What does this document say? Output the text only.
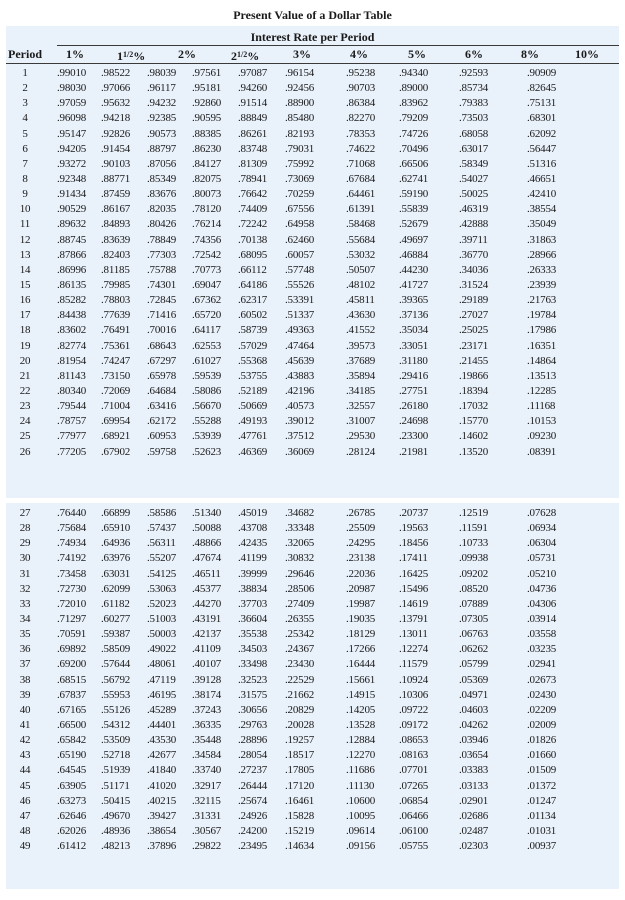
Present Value of a Dollar Table
Interest Rate per Period
Period 1%	$1^{1/2}\%$	2%	$2^{1/2}\%$	3%	4%	5%	6%	8%	10%
1	.99010 .98522 .98039 .97561 .97087 .96154	.95238 .94340	.92593	.90909
2	.98030 .97066 .96117 .95181 .94260 .92456	.90703 .89000	.85734	.82645
3	.97059 .95632 .94232 .92860 .91514 .88900	.86384 .83962	.79383	.75131
4	.96098 .94218 .92385 .90595 .88849 .85480	.82270 .79209	.73503	.68301
5	.95147 .92826 .90573 .88385 .86261 .82193	.78353 .74726	.68058	.62092
6	.94205 .91454 .88797 .86230 .83748 .79031	.74622 .70496	.63017	.56447
7	.93272 .90103 .87056 .84127 .81309 .75992	.71068 .66506	.58349	.51316
8	.92348 .88771 .85349 .82075 .78941 .73069	.67684 .62741	.54027	.46651
9	.91434 .87459 .83676 .80073 .76642 .70259	.64461 .59190	.50025	.42410
10	.90529 .86167 .82035 .78120 .74409 .67556	.61391 .55839	.46319	.38554
11	.89632 .84893 .80426 .76214 .72242 .64958	.58468 .52679	.42888	.35049
12	.88745 .83639 .78849 .74356 .70138 .62460	.55684 .49697	.39711	.31863
13	.87866 .82403 .77303 .72542 .68095 .60057	.53032 .46884	.36770	.28966
14	.86996 .81185 .75788 .70773 .66112 .57748	.50507 .44230	.34036	.26333
15	.86135 .79985 .74301 .69047 .64186 .55526	.48102 .41727	.31524	.23939
16	.85282 .78803 .72845 .67362 .62317 .53391	.45811 .39365	.29189	.21763
17	.84438 .77639 .71416 .65720 .60502 .51337	.43630 .37136	.27027	.19784
18	.83602 .76491 .70016 .64117 .58739 .49363	.41552 .35034	.25025	.17986
19	.82774 .75361 .68643 .62553 .57029 .47464	.39573 .33051	.23171	.16351
20	.81954 .74247 .67297 .61027 .55368 .45639	.37689 .31180	.21455	.14864
21	.81143 .73150 .65978 .59539 .53755 .43883	.35894 .29416	.19866	.13513
22	.80340 .72069 .64684 .58086 .52189 .42196	.34185 .27751	.18394	.12285
23	.79544 .71004 .63416 .56670 .50669 .40573	.32557 .26180	.17032	.11168
24	.78757 .69954 .62172 .55288 .49193 .39012	.31007 .24698	.15770	.10153
25	.77977 .68921 .60953 .53939 .47761 .37512	.29530 .23300	.14602	.09230
26	.77205 .67902 .59758 .52623 .46369 .36069	.28124 .21981	.13520	.08391
27	.76440 .66899 .58586 .51340 .45019 .34682	.26785 .20737	.12519	.07628
28	.75684 .65910 .57437 .50088 .43708 .33348	.25509 .19563	.11591	.06934
29	.74934 .64936 .56311 .48866 .42435 .32065	.24295 .18456	.10733	.06304
30	.74192 .63976 .55207 .47674 .41199 .30832	.23138 .17411	.09938	.05731
31	.73458 .63031 .54125 .46511 .39999 .29646	.22036 .16425	.09202	.05210
32	.72730 .62099 .53063 .45377 .38834 .28506	.20987 .15496	.08520	.04736
33	.72010 .61182 .52023 .44270 .37703 .27409	.19987 .14619	.07889	.04306
34	.71297 .60277 .51003 .43191 .36604 .26355	.19035 .13791	.07305	.03914
35	.70591 .59387 .50003 .42137 .35538 .25342	.18129 .13011	.06763	.03558
36	.69892 .58509 .49022 .41109 .34503 .24367	.17266 .12274	.06262	.03235
37	.69200 .57644 .48061 .40107 .33498 .23430	.16444 .11579	.05799	.02941
38	.68515 .56792 .47119 .39128 .32523 .22529	.15661 .10924	.05369	.02673
39	.67837 .55953 .46195 .38174 .31575 .21662	.14915 .10306	.04971	.02430
40	.67165 .55126 .45289 .37243 .30656 .20829	.14205 .09722	.04603	.02209
41	.66500 .54312 .44401 .36335 .29763 .20028	.13528 .09172	.04262	.02009
42	.65842 .53509 .43530 .35448 .28896 .19257	.12884 .08653	.03946	.01826
43	.65190 .52718 .42677 .34584 .28054 .18517	.12270 .08163	.03654	.01660
44	.64545 .51939 .41840 .33740 .27237 .17805	.11686 .07701	.03383	.01509
45	.63905 .51171 .41020 .32917 .26444 .17120	.11130 .07265	.03133	.01372
46	.63273 .50415 .40215 .32115 .25674 .16461	.10600 .06854	.02901	.01247
47	.62646 .49670 .39427 .31331 .24926 .15828	.10095 .06466	.02686	.01134
48	.62026 .48936 .38654 .30567 .24200 .15219	.09614 .06100	.02487	.01031
49	.61412 .48213 .37896 .29822 .23495 .14634	.09156 .05755	.02303	.00937
